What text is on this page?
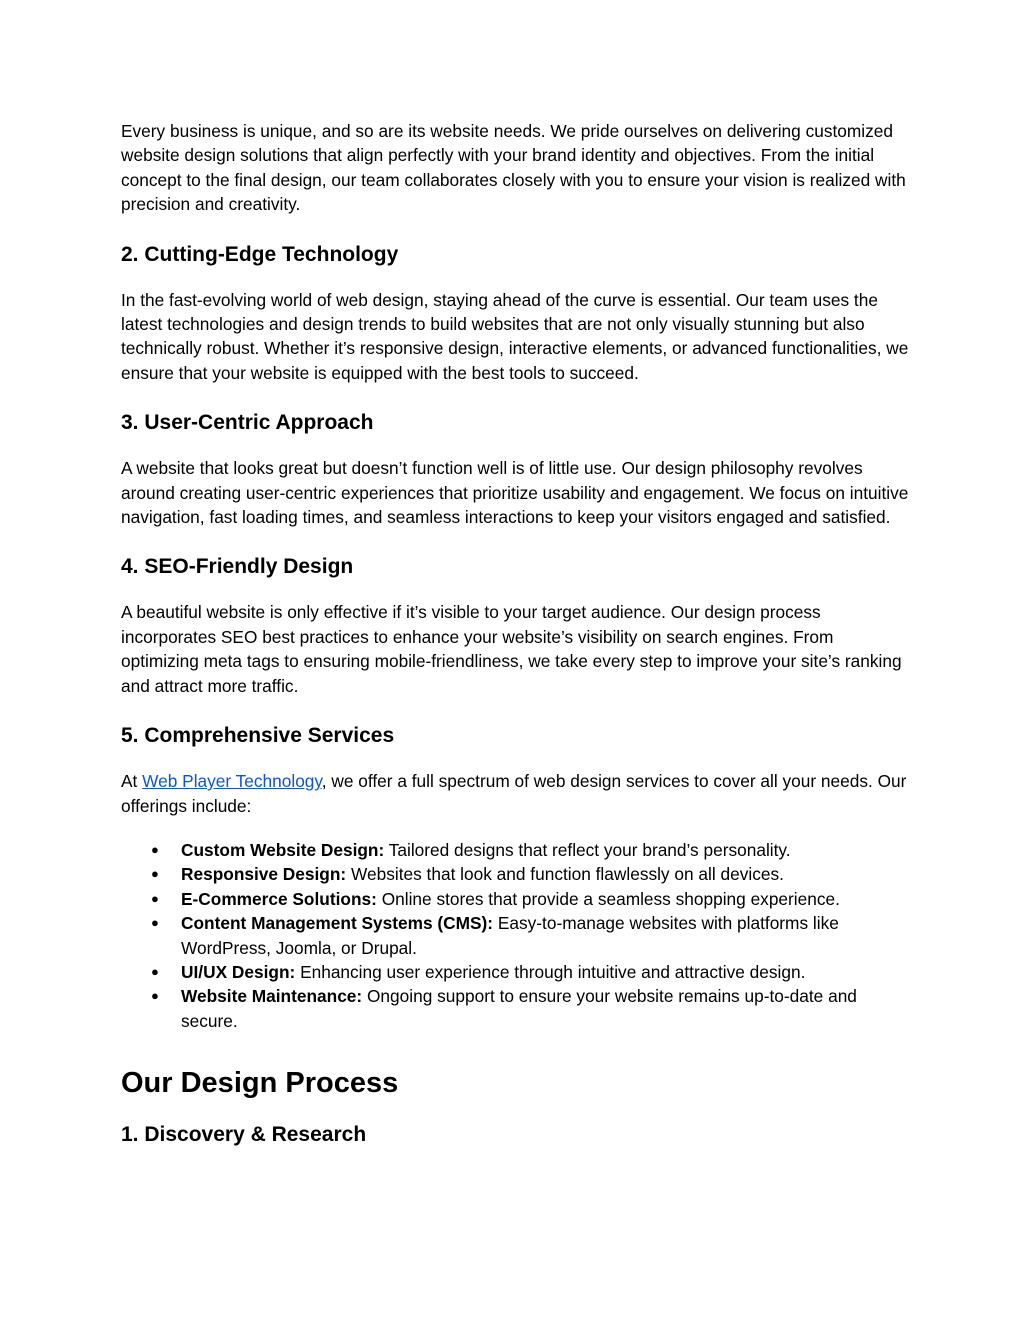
Every business is unique, and so are its website needs. We pride ourselves on delivering customized website design solutions that align perfectly with your brand identity and objectives. From the initial concept to the final design, our team collaborates closely with you to ensure your vision is realized with precision and creativity.

2. Cutting-Edge Technology

In the fast-evolving world of web design, staying ahead of the curve is essential. Our team uses the latest technologies and design trends to build websites that are not only visually stunning but also technically robust. Whether it’s responsive design, interactive elements, or advanced functionalities, we ensure that your website is equipped with the best tools to succeed.

3. User-Centric Approach

A website that looks great but doesn’t function well is of little use. Our design philosophy revolves around creating user-centric experiences that prioritize usability and engagement. We focus on intuitive navigation, fast loading times, and seamless interactions to keep your visitors engaged and satisfied.

4. SEO-Friendly Design

A beautiful website is only effective if it’s visible to your target audience. Our design process incorporates SEO best practices to enhance your website’s visibility on search engines. From optimizing meta tags to ensuring mobile-friendliness, we take every step to improve your site’s ranking and attract more traffic.

5. Comprehensive Services

At Web Player Technology, we offer a full spectrum of web design services to cover all your needs. Our offerings include:

● Custom Website Design: Tailored designs that reflect your brand’s personality.
● Responsive Design: Websites that look and function flawlessly on all devices.
● E-Commerce Solutions: Online stores that provide a seamless shopping experience.
● Content Management Systems (CMS): Easy-to-manage websites with platforms like WordPress, Joomla, or Drupal.
● UI/UX Design: Enhancing user experience through intuitive and attractive design.
● Website Maintenance: Ongoing support to ensure your website remains up-to-date and secure.
Our Design Process
1. Discovery & Research
